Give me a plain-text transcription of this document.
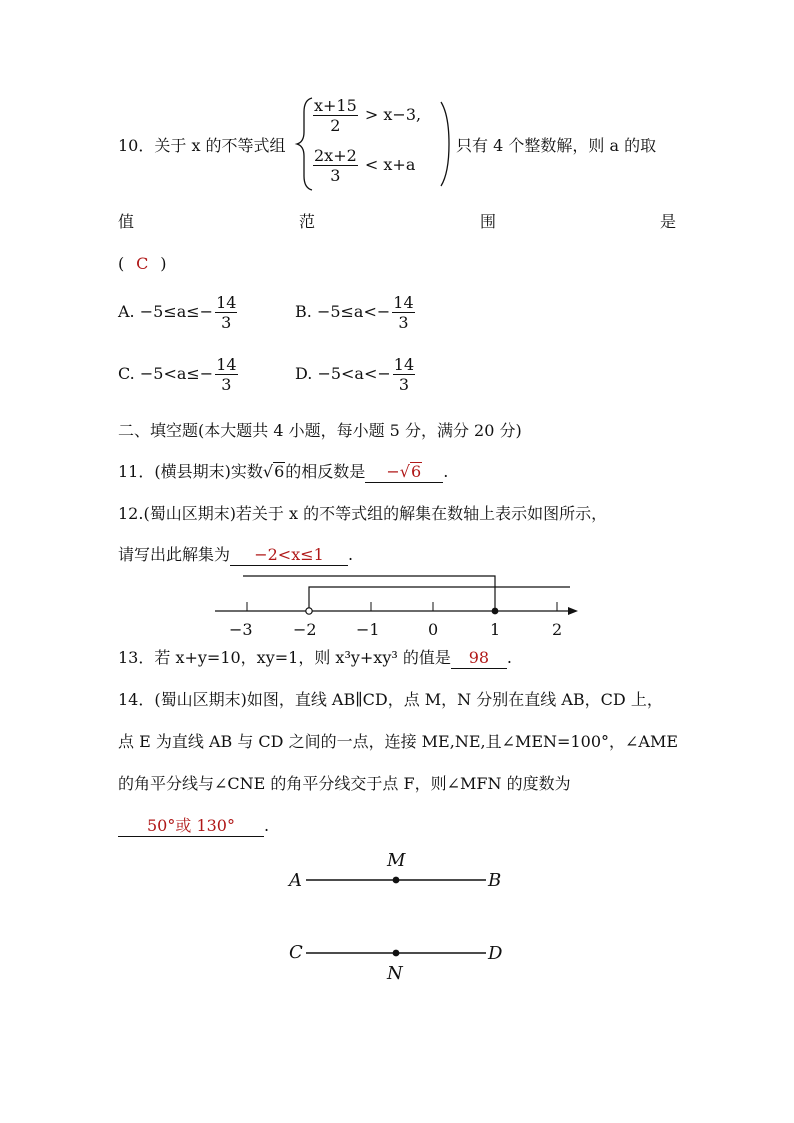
10．关于 x 的不等式组
$\frac{x+15}{2} > x-3$,
$\frac{2x+2}{3} < x+a$
只有 4 个整数解，则 a 的取
值	范	围	是
( C )
A. $-5\le a\le- \frac{14}{3}$	B. $-5\le a<- \frac{14}{3}$
C. $-5<a\le- \frac{14}{3}$	D. $-5<a<- \frac{14}{3}$
二、填空题(本大题共 4 小题，每小题 5 分，满分 20 分)
11．(横县期末)实数√6的相反数是 −√6 .
12.(蜀山区期末)若关于 x 的不等式组的解集在数轴上表示如图所示，
请写出此解集为 −2<x≤1 .
−3	−2 −1	0	1	2
13．若 x+y=10，xy=1，则 x³y+xy³ 的值是 98 .
14．(蜀山区期末)如图，直线 AB∥CD，点 M，N 分别在直线 AB，CD 上，
点 E 为直线 AB 与 CD 之间的一点，连接 ME,NE,且∠MEN=100°，∠AME
的角平分线与∠CNE 的角平分线交于点 F，则∠MFN 的度数为
50°或 130° .
A	B
M
C	D
N
